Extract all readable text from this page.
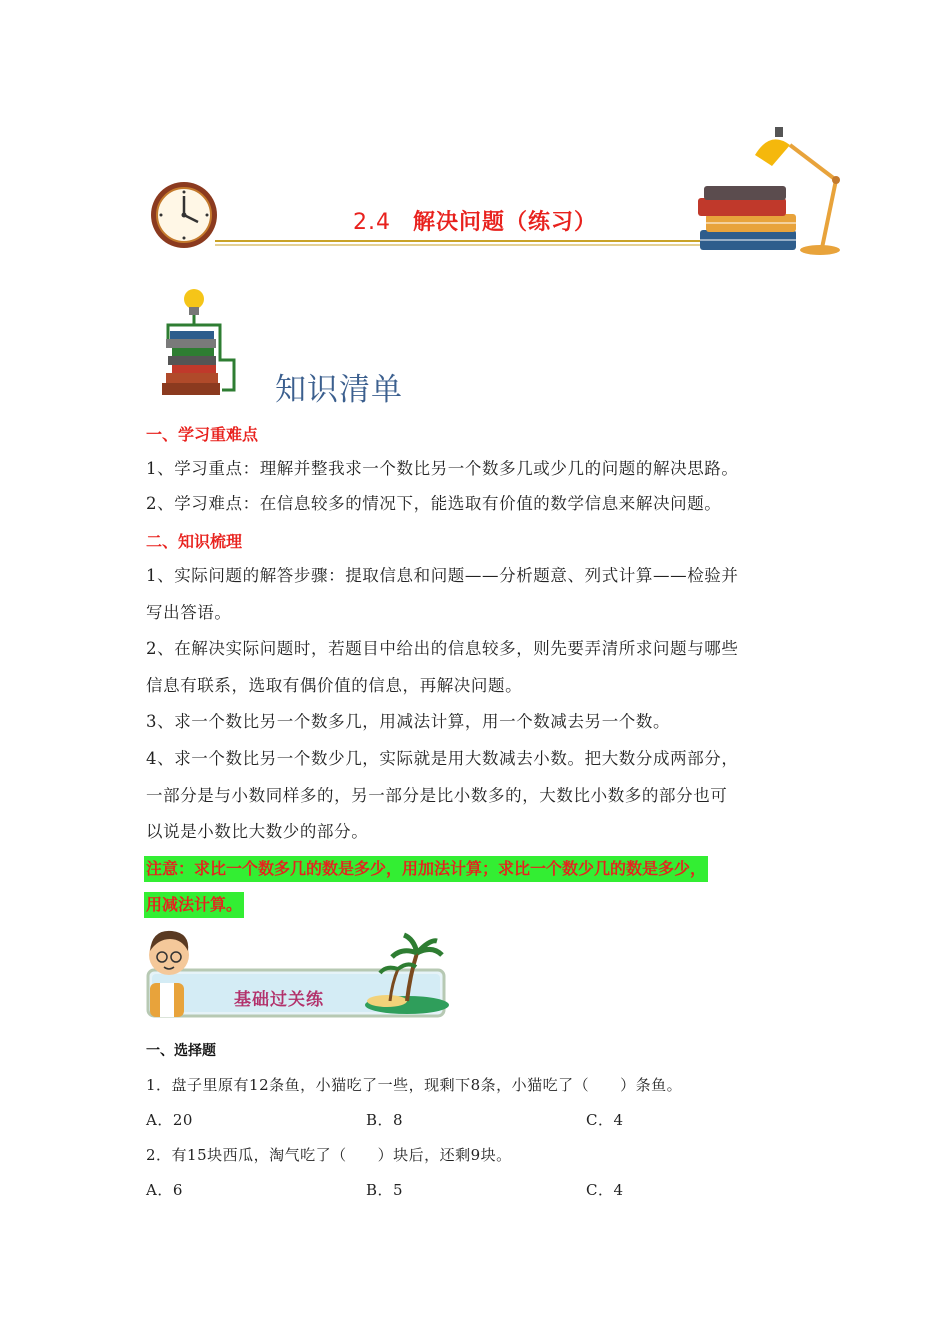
2.4 解决问题（练习）
知识清单
一、学习重难点
1、学习重点：理解并整我求一个数比另一个数多几或少几的问题的解决思路。
2、学习难点：在信息较多的情况下，能选取有价值的数学信息来解决问题。
二、知识梳理
1、实际问题的解答步骤：提取信息和问题——分析题意、列式计算——检验并
写出答语。
2、在解决实际问题时，若题目中给出的信息较多，则先要弄清所求问题与哪些
信息有联系，选取有偶价值的信息，再解决问题。
3、求一个数比另一个数多几，用减法计算，用一个数减去另一个数。
4、求一个数比另一个数少几，实际就是用大数减去小数。把大数分成两部分，
一部分是与小数同样多的，另一部分是比小数多的，大数比小数多的部分也可
以说是小数比大数少的部分。
注意：求比一个数多几的数是多少，用加法计算；求比一个数少几的数是多少，
用减法计算。
基础过关练
一、选择题
1．盘子里原有12条鱼，小猫吃了一些，现剩下8条，小猫吃了（　　）条鱼。
A．20	B．8	C．4
2．有15块西瓜，淘气吃了（　　）块后，还剩9块。
A．6	B．5	C．4
